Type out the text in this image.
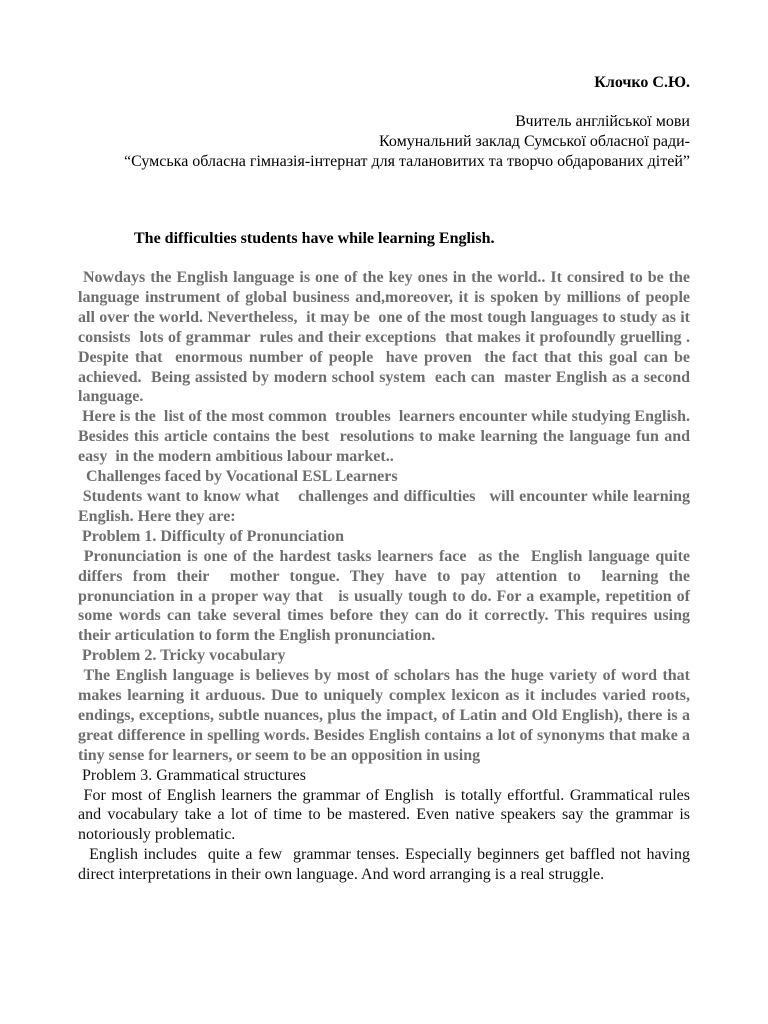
Клочко С.Ю.

Вчитель англійської мови

Комунальний заклад Сумської обласної ради-

“Сумська обласна гімназія-інтернат для талановитих та творчо обдарованих дітей”

The difficulties students have while learning English.

Nowdays the English language is one of the key ones in the world.. It consired to be the language instrument of global business and,moreover, it is spoken by millions of people all over the world. Nevertheless,  it may be  one of the most tough languages to study as it consists  lots of grammar  rules and their exceptions  that makes it profoundly gruelling . Despite that  enormous number of people  have proven  the fact that this goal can be achieved.  Being assisted by modern school system  each can  master English as a second language.

Here is the  list of the most common  troubles  learners encounter while studying English. Besides this article contains the best  resolutions to make learning the language fun and easy  in the modern ambitious labour market..

Challenges faced by Vocational ESL Learners

Students want to know what    challenges and difficulties   will encounter while learning English. Here they are:

Problem 1. Difficulty of Pronunciation

Pronunciation is one of the hardest tasks learners face  as the  English language quite  differs from their  mother tongue. They have to pay attention to  learning the pronunciation in a proper way that   is usually tough to do. For a example, repetition of some words can take several times before they can do it correctly. This requires using their articulation to form the English pronunciation.

Problem 2. Tricky vocabulary

The English language is believes by most of scholars has the huge variety of word that makes learning it arduous. Due to uniquely complex lexicon as it includes varied roots, endings, exceptions, subtle nuances, plus the impact, of Latin and Old English), there is a great difference in spelling words. Besides English contains a lot of synonyms that make a tiny sense for learners, or seem to be an opposition in using

Problem 3. Grammatical structures

For most of English learners the grammar of English  is totally effortful. Grammatical rules and vocabulary take a lot of time to be mastered. Even native speakers say the grammar is notoriously problematic.

English includes  quite a few  grammar tenses. Especially beginners get baffled not having direct interpretations in their own language. And word arranging is a real struggle.
